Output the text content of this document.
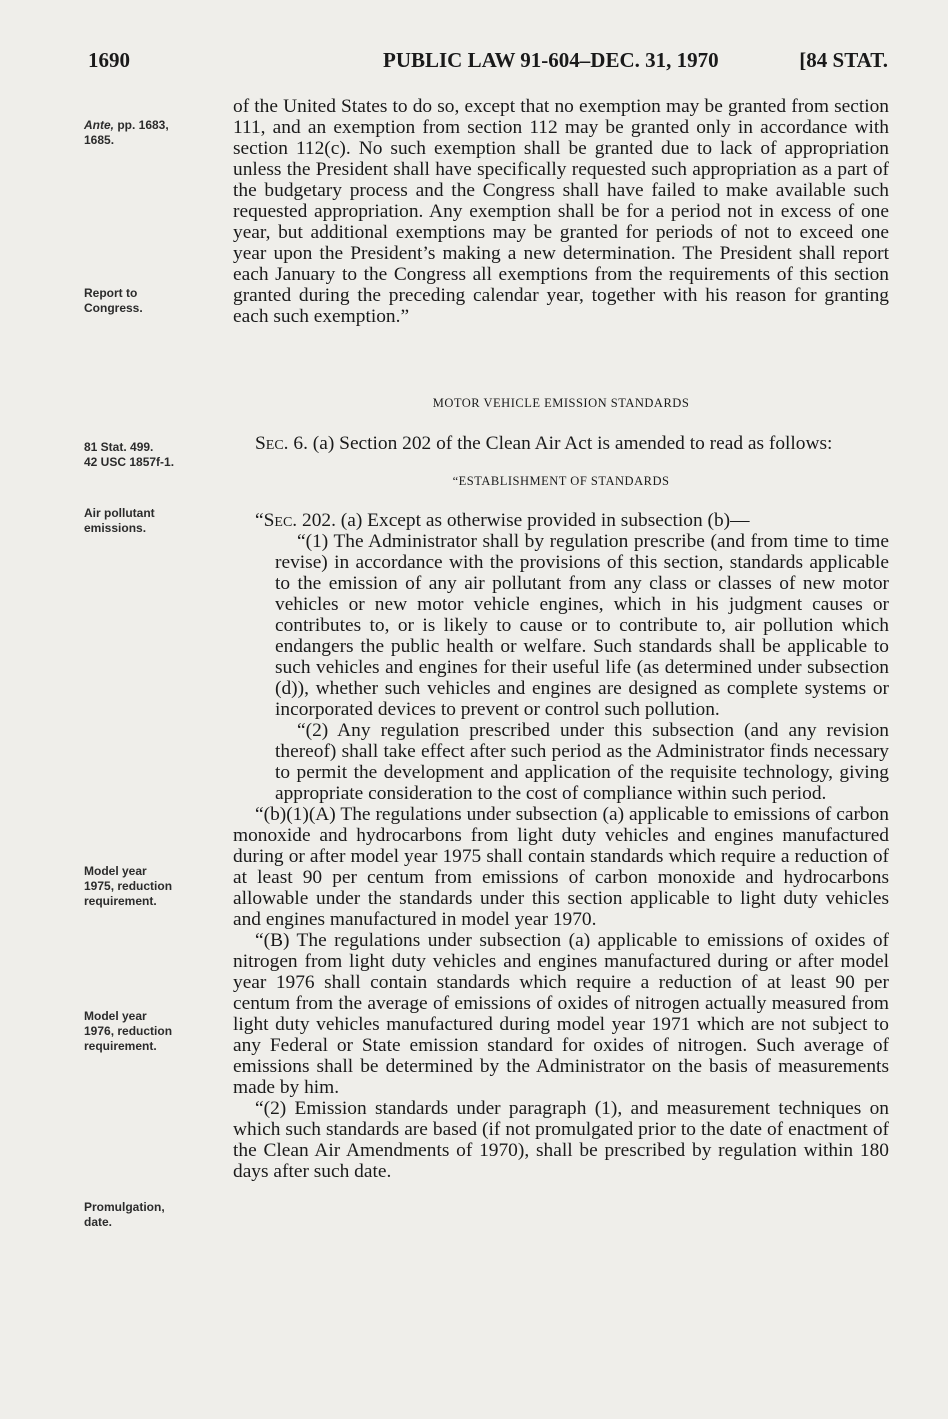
1690	PUBLIC LAW 91-604–DEC. 31, 1970	[84 STAT.
Ante, pp. 1683,
1685.
Report to
Congress.
81 Stat. 499.
42 USC 1857f-1.
Air pollutant
emissions.
Model year
1975, reduction
requirement.
Model year
1976, reduction
requirement.
Promulgation,
date.

of the United States to do so, except that no exemption may be granted from section 111, and an exemption from section 112 may be granted only in accordance with section 112(c). No such exemption shall be granted due to lack of appropriation unless the President shall have specifically requested such appropriation as a part of the budgetary process and the Congress shall have failed to make available such requested appropriation. Any exemption shall be for a period not in excess of one year, but additional exemptions may be granted for periods of not to exceed one year upon the President’s making a new determination. The President shall report each January to the Congress all exemptions from the requirements of this section granted during the preceding calendar year, together with his reason for granting each such exemption.”

MOTOR VEHICLE EMISSION STANDARDS

Sec. 6. (a) Section 202 of the Clean Air Act is amended to read as follows:

“ESTABLISHMENT OF STANDARDS

“Sec. 202. (a) Except as otherwise provided in subsection (b)—

“(1) The Administrator shall by regulation prescribe (and from time to time revise) in accordance with the provisions of this section, standards applicable to the emission of any air pollutant from any class or classes of new motor vehicles or new motor vehicle engines, which in his judgment causes or contributes to, or is likely to cause or to contribute to, air pollution which endangers the public health or welfare. Such standards shall be applicable to such vehicles and engines for their useful life (as determined under subsection (d)), whether such vehicles and engines are designed as complete systems or incorporated devices to prevent or control such pollution.

“(2) Any regulation prescribed under this subsection (and any revision thereof) shall take effect after such period as the Administrator finds necessary to permit the development and application of the requisite technology, giving appropriate consideration to the cost of compliance within such period.

“(b)(1)(A) The regulations under subsection (a) applicable to emissions of carbon monoxide and hydrocarbons from light duty vehicles and engines manufactured during or after model year 1975 shall contain standards which require a reduction of at least 90 per centum from emissions of carbon monoxide and hydrocarbons allowable under the standards under this section applicable to light duty vehicles and engines manufactured in model year 1970.

“(B) The regulations under subsection (a) applicable to emissions of oxides of nitrogen from light duty vehicles and engines manufactured during or after model year 1976 shall contain standards which require a reduction of at least 90 per centum from the average of emissions of oxides of nitrogen actually measured from light duty vehicles manufactured during model year 1971 which are not subject to any Federal or State emission standard for oxides of nitrogen. Such average of emissions shall be determined by the Administrator on the basis of measurements made by him.

“(2) Emission standards under paragraph (1), and measurement techniques on which such standards are based (if not promulgated prior to the date of enactment of the Clean Air Amendments of 1970), shall be prescribed by regulation within 180 days after such date.
